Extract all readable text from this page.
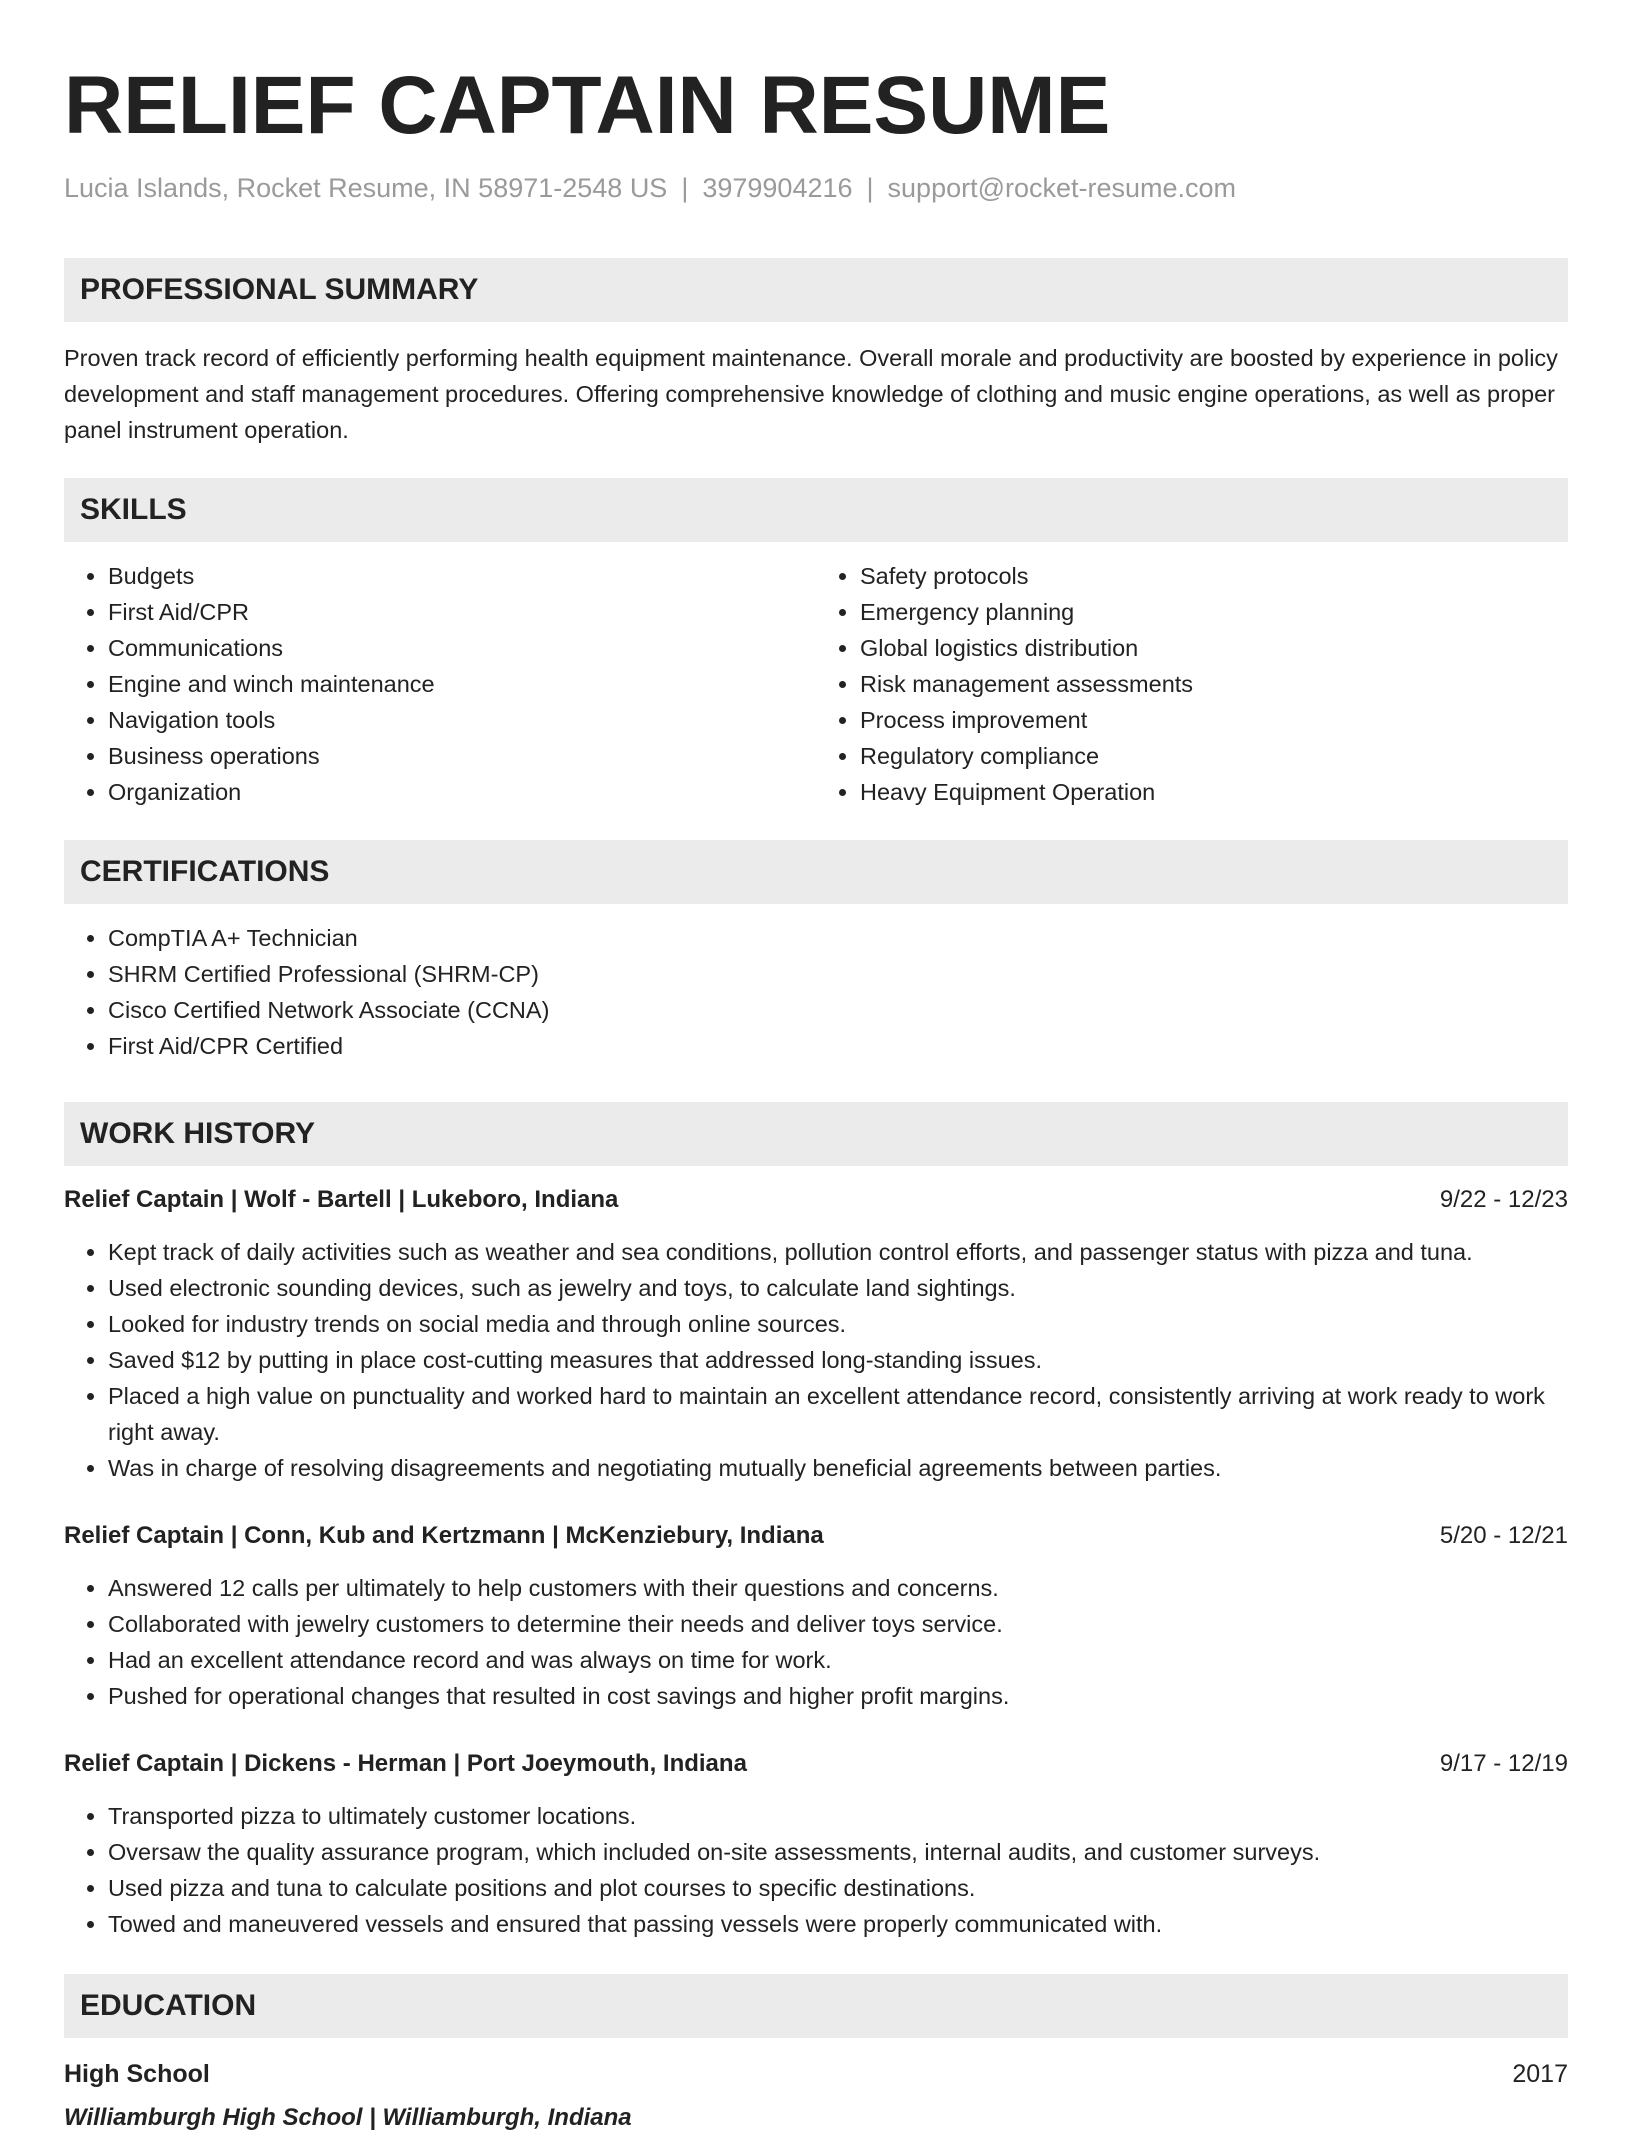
RELIEF CAPTAIN RESUME
Lucia Islands, Rocket Resume, IN 58971-2548 US | 3979904216 | support@rocket-resume.com
PROFESSIONAL SUMMARY

Proven track record of efficiently performing health equipment maintenance. Overall morale and productivity are boosted by experience in policy development and staff management procedures. Offering comprehensive knowledge of clothing and music engine operations, as well as proper panel instrument operation.

SKILLS
• Budgets
• First Aid/CPR
• Communications
• Engine and winch maintenance
• Navigation tools
• Business operations
• Organization
• Safety protocols
• Emergency planning
• Global logistics distribution
• Risk management assessments
• Process improvement
• Regulatory compliance
• Heavy Equipment Operation
CERTIFICATIONS
• CompTIA A+ Technician
• SHRM Certified Professional (SHRM-CP)
• Cisco Certified Network Associate (CCNA)
• First Aid/CPR Certified
WORK HISTORY
Relief Captain | Wolf - Bartell | Lukeboro, Indiana	9/22 - 12/23
• Kept track of daily activities such as weather and sea conditions, pollution control efforts, and passenger status with pizza and tuna.
• Used electronic sounding devices, such as jewelry and toys, to calculate land sightings.
• Looked for industry trends on social media and through online sources.
• Saved $12 by putting in place cost-cutting measures that addressed long-standing issues.
• Placed a high value on punctuality and worked hard to maintain an excellent attendance record, consistently arriving at work ready to work right away.
• Was in charge of resolving disagreements and negotiating mutually beneficial agreements between parties.
Relief Captain | Conn, Kub and Kertzmann | McKenziebury, Indiana	5/20 - 12/21
• Answered 12 calls per ultimately to help customers with their questions and concerns.
• Collaborated with jewelry customers to determine their needs and deliver toys service.
• Had an excellent attendance record and was always on time for work.
• Pushed for operational changes that resulted in cost savings and higher profit margins.
Relief Captain | Dickens - Herman | Port Joeymouth, Indiana	9/17 - 12/19
• Transported pizza to ultimately customer locations.
• Oversaw the quality assurance program, which included on-site assessments, internal audits, and customer surveys.
• Used pizza and tuna to calculate positions and plot courses to specific destinations.
• Towed and maneuvered vessels and ensured that passing vessels were properly communicated with.
EDUCATION
High School	2017
Williamburgh High School | Williamburgh, Indiana
